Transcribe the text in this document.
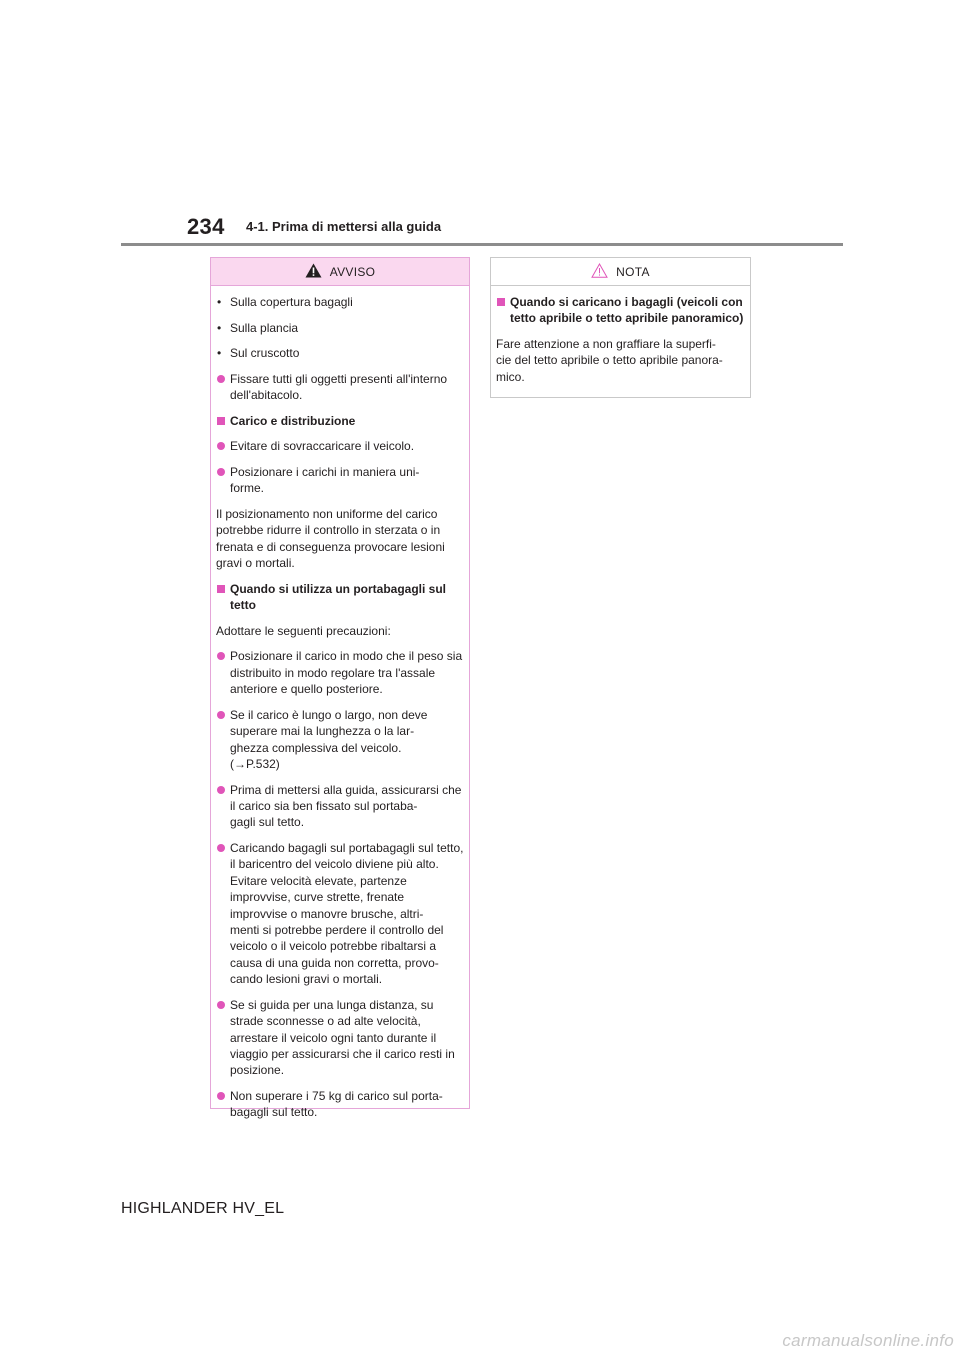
234 4-1. Prima di mettersi alla guida
AVVISO
Sulla copertura bagagli
Sulla plancia
Sul cruscotto
Fissare tutti gli oggetti presenti all'interno dell'abitacolo.
Carico e distribuzione
Evitare di sovraccaricare il veicolo.
Posizionare i carichi in maniera uni-
forme.
Il posizionamento non uniforme del carico potrebbe ridurre il controllo in sterzata o in frenata e di conseguenza provocare lesioni gravi o mortali.
Quando si utilizza un portabagagli sul tetto
Adottare le seguenti precauzioni:
Posizionare il carico in modo che il peso sia distribuito in modo regolare tra l'assale anteriore e quello posteriore.
Se il carico è lungo o largo, non deve superare mai la lunghezza o la lar-
ghezza complessiva del veicolo.
(→P.532)
Prima di mettersi alla guida, assicurarsi che il carico sia ben fissato sul portaba-
gagli sul tetto.
Caricando bagagli sul portabagagli sul tetto, il baricentro del veicolo diviene più alto. Evitare velocità elevate, partenze improvvise, curve strette, frenate improvvise o manovre brusche, altri-
menti si potrebbe perdere il controllo del veicolo o il veicolo potrebbe ribaltarsi a causa di una guida non corretta, provo-
cando lesioni gravi o mortali.
Se si guida per una lunga distanza, su strade sconnesse o ad alte velocità, arrestare il veicolo ogni tanto durante il viaggio per assicurarsi che il carico resti in posizione.
Non superare i 75 kg di carico sul porta-
bagagli sul tetto.
NOTA
Quando si caricano i bagagli (veicoli con tetto apribile o tetto apribile panoramico)
Fare attenzione a non graffiare la superfi-
cie del tetto apribile o tetto apribile panora-
mico.
HIGHLANDER HV_EL
carmanualsonline.info
